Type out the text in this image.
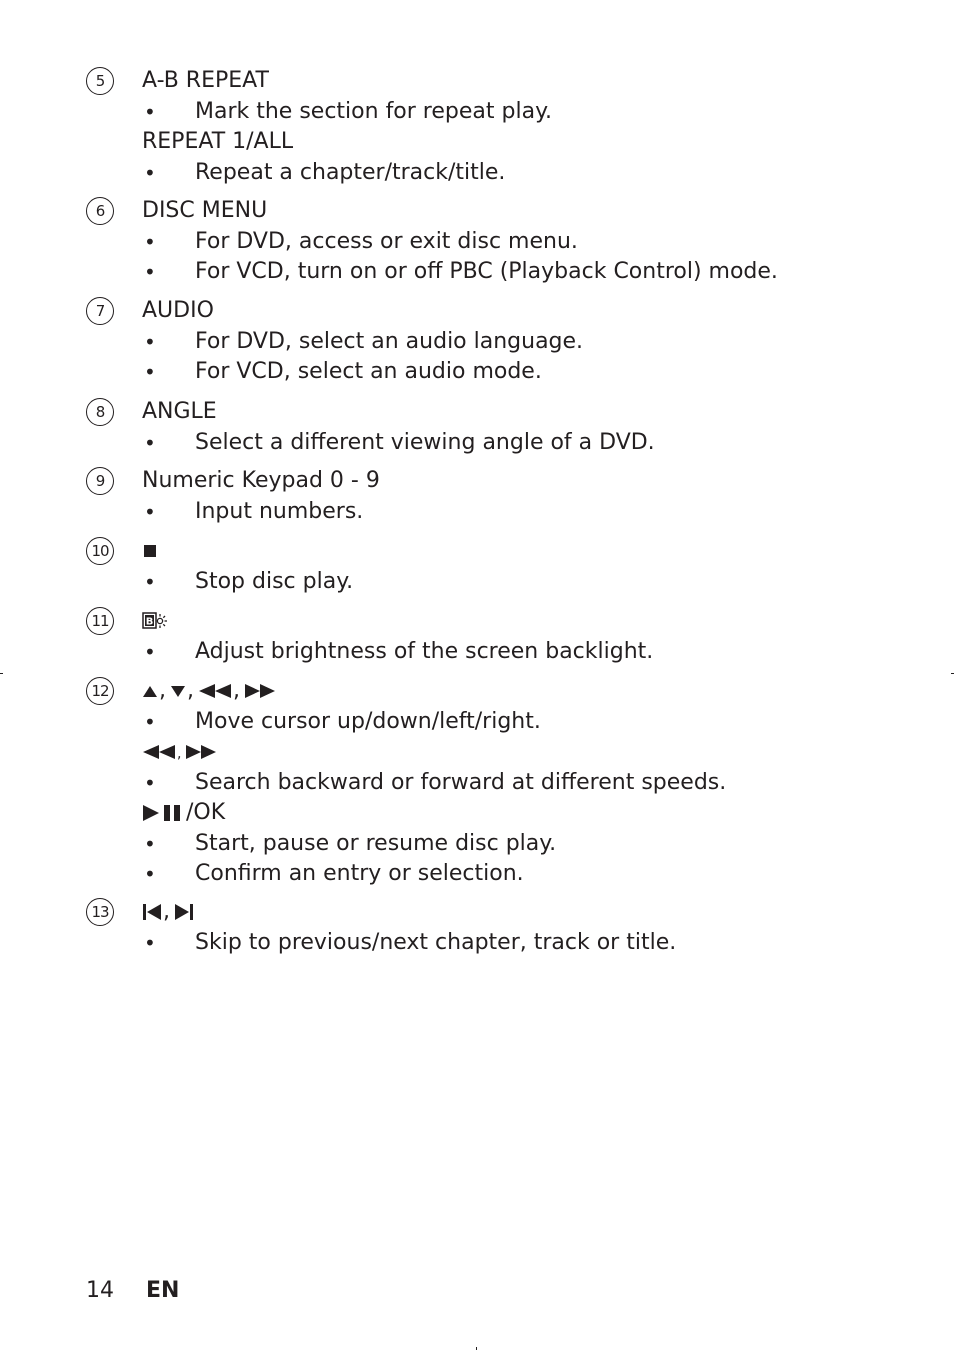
5	A-B REPEAT
• Mark the section for repeat play.
REPEAT 1/ALL
• Repeat a chapter/track/title.
6	DISC MENU
• For DVD, access or exit disc menu.
• For VCD, turn on or off PBC (Playback Control) mode.
7	AUDIO
• For DVD, select an audio language.
• For VCD, select an audio mode.
8	ANGLE
• Select a different viewing angle of a DVD.
9	Numeric Keypad 0 - 9
• Input numbers.
10
• Stop disc play.
11	B
• Adjust brightness of the screen backlight.
12	, , ,
• Move cursor up/down/left/right.
,
• Search backward or forward at different speeds.
/OK
• Start, pause or resume disc play.
• Confirm an entry or selection.
13	,
• Skip to previous/next chapter, track or title.
14 EN
